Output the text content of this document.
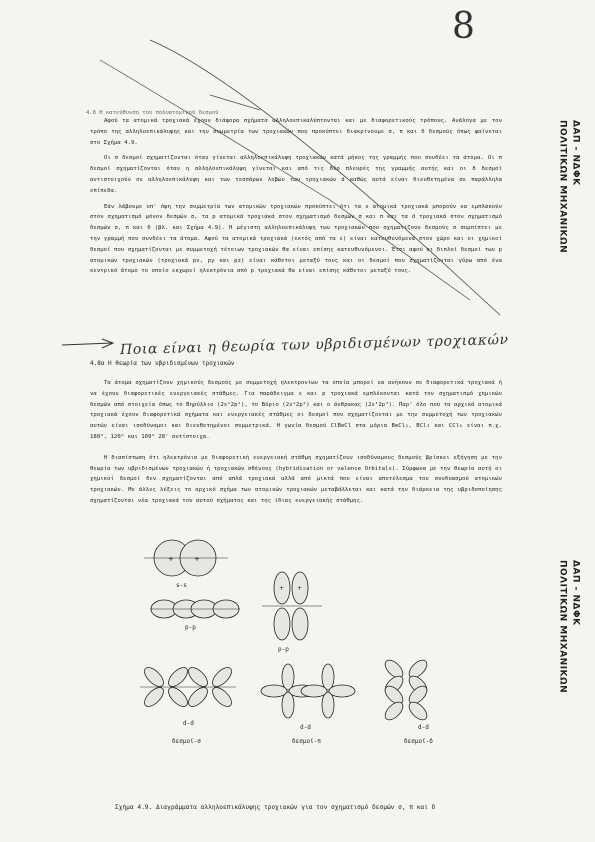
8
ΔΑΠ - ΝΔΦΚ
ΠΟΛΙΤΙΚΩΝ ΜΗΧΑΝΙΚΩΝ
ΔΑΠ - ΝΔΦΚ
ΠΟΛΙΤΙΚΩΝ ΜΗΧΑΝΙΚΩΝ
4.8 Η κατεύθυνση του πολυατομικού δεσμού

Αφού τα ατομικά τροχιακά έχουν διάφορα σχήματα αλληλοεπικαλύπτονται και με διαφορετικούς τρόπους. Ανάλογα με τον τρόπο της αλληλοεπικάλυψης και την συμμετρία των τροχιακών που προκύπτει διακρίνουμε σ, π και δ δεσμούς όπως φαίνεται στο Σχήμα 4.9.

Οι σ δεσμοί σχηματίζονται όταν γίνεται αλληλοεπικάλυψη τροχιακών κατά μήκος της γραμμής που συνδέει τα άτομα. Οι π δεσμοί σχηματίζονται όταν η αλληλοεπικάλυψη γίνεται και από τις δύο πλευρές της γραμμής αυτής και οι δ δεσμοί αντιστοιχούν σε αλληλοεπικάλυψη και των τεσσάρων λοβών των τροχιακών d καθώς αυτά είναι διευθετημένα σε παράλληλα επίπεδα.

Εάν λάβουμε υπ' όψη την συμμετρία των ατομικών τροχιακών προκύπτει ότι τα s ατομικά τροχιακά μπορούν να εμπλακούν στον σχηματισμό μόνον δεσμών σ, τα p ατομικά τροχιακά στον σχηματισμό δεσμών σ και π και τα d τροχιακά στον σχηματισμό δεσμών σ, π και δ (βλ. και Σχήμα 4.9). Η μέγιστη αλληλοεπικάλυψη των τροχιακών που σχηματίζουν δεσμούς σ συμπίπτει με την γραμμή που συνδέει τα άτομα. Αφού τα ατομικά τροχιακά (εκτός από τα s) είναι κατευθυνόμενα στον χώρο και οι χημικοί δεσμοί που σχηματίζονται με συμμετοχή τέτοιων τροχιακών θα είναι επίσης κατευθυνόμενοι. Έτσι αφού οι διπλοί δεσμοί των p ατομικών τροχιακών (τροχιακά px, py και pz) είναι κάθετοι μεταξύ τους και οι δεσμοί που σχηματίζονται γύρω από ένα κεντρικό άτομο το οποίο εκχωρεί ηλεκτρόνια από p τροχιακά θα είναι επίσης κάθετοι μεταξύ τους.

Ποια είναι η θεωρία των υβριδισμένων τροχιακών
4.8α Η θεωρία των υβριδισμένων τροχιακών

Τα άτομα σχηματίζουν χημικούς δεσμούς με συμμετοχή ηλεκτρονίων τα οποία μπορεί να ανήκουν σε διαφορετικά τροχιακά ή να έχουν διαφορετικές ενεργειακές στάθμες. Για παράδειγμα s και p τροχιακά εμπλέκονται κατά τον σχηματισμό χημικών δεσμών από στοιχεία όπως το Βηρύλλιο (2s¹2p¹), το Βόριο (2s¹2p²) και ο άνθρακας (2s¹2p³). Παρ' όλο που τα αρχικά ατομικά τροχιακά έχουν διαφορετικά σχήματα και ενεργειακές στάθμες οι δεσμοί που σχηματίζονται με την συμμετοχή των τροχιακών αυτών είναι ισοδύναμοι και διευθετημένοι συμμετρικά. Η γωνία δεσμού ClBeCl στα μόρια BeCl₂, BCl₃ και CCl₄ είναι π.χ. 180°, 120° και 109° 28' αντίστοιχα.

Η διαπίστωση ότι ηλεκτρόνια με διαφορετική ενεργειακή στάθμη σχηματίζουν ισοδύναμους δεσμούς βρίσκει εξήγηση με την θεωρία των υβριδισμένων τροχιακών ή τροχιακών σθένους (hybridisation or valence Orbitals). Σύμφωνα με την θεωρία αυτή οι χημικοί δεσμοί δεν σχηματίζονται από απλά τροχιακά αλλά από μικτά που είναι αποτέλεσμα του συνδυασμού ατομικών τροχιακών. Με άλλες λέξεις το αρχικό σχήμα των ατομικών τροχιακών μεταβάλλεται και κατά την διάρκεια της υβριδοποίησης σχηματίζονται νέα τροχιακά του αυτού σχήματος και της ίδιας ενεργειακής στάθμης.

+	+
s-s
p-p
+ +
p-p
d-d
d-d	d-d
δεσμοί-σ	δεσμοί-π	δεσμοί-δ
Σχήμα 4.9. Διαγράμματα αλληλοεπικάλυψης τροχιακών για τον σχηματισμό δεσμών σ, π και δ
